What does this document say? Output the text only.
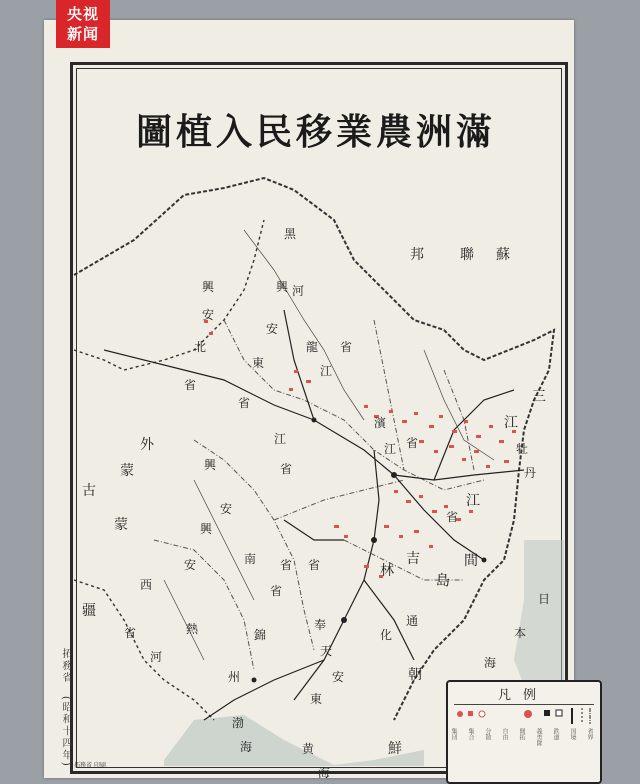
圖植入民移業農洲滿
黑
河
龍
江
省
蘇
聯
邦
興
安
北
省
興
安
東
省
外
蒙
古
蒙
疆
興
安
南
省
興
安
西
省
江
省
濱
江 省
三
江
牡
丹
江
省
吉
林
間
島
省 省
奉
天
安
東
熱
河
錦
州
通
化
朝
鮮
日
本
海
渤
海	黄
海
拓務省
(昭和十四年)
凡例
集団 集合 分散 自由 開拓 義勇隊 鉄道 国境 省界
拓務省 印刷
央视
新闻
